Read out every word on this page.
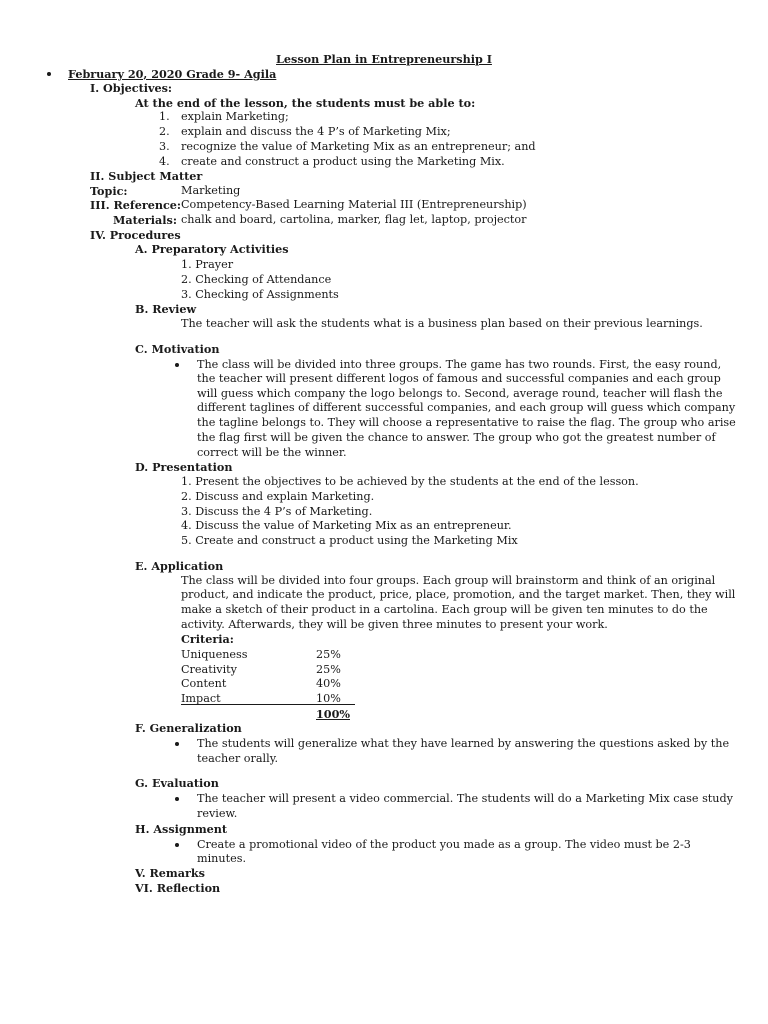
Lesson Plan in Entrepreneurship I
February 20, 2020 Grade 9- Agila
I. Objectives:
At the end of the lesson, the students must be able to:
1. explain Marketing;
2. explain and discuss the 4 P’s of Marketing Mix;
3. recognize the value of Marketing Mix as an entrepreneur; and
4. create and construct a product using the Marketing Mix.
II. Subject Matter
Topic:	Marketing
III. Reference: Competency-Based Learning Material III (Entrepreneurship)
Materials: chalk and board, cartolina, marker, flag let, laptop, projector
IV. Procedures
A. Preparatory Activities
1. Prayer
2. Checking of Attendance
3. Checking of Assignments
B. Review
The teacher will ask the students what is a business plan based on their previous learnings.
C. Motivation
The class will be divided into three groups. The game has two rounds. First, the easy round,
the teacher will present different logos of famous and successful companies and each group
will guess which company the logo belongs to. Second, average round, teacher will flash the
different taglines of different successful companies, and each group will guess which company
the tagline belongs to. They will choose a representative to raise the flag. The group who arise
the flag first will be given the chance to answer. The group who got the greatest number of
correct will be the winner.
D. Presentation
1. Present the objectives to be achieved by the students at the end of the lesson.
2. Discuss and explain Marketing.
3. Discuss the 4 P’s of Marketing.
4. Discuss the value of Marketing Mix as an entrepreneur.
5. Create and construct a product using the Marketing Mix
E. Application
The class will be divided into four groups. Each group will brainstorm and think of an original
product, and indicate the product, price, place, promotion, and the target market. Then, they will
make a sketch of their product in a cartolina. Each group will be given ten minutes to do the
activity. Afterwards, they will be given three minutes to present your work.
Criteria:
Uniqueness	25%
Creativity	25%
Content	40%
Impact	10%
100%
F. Generalization
The students will generalize what they have learned by answering the questions asked by the
teacher orally.
G. Evaluation
The teacher will present a video commercial. The students will do a Marketing Mix case study
review.
H. Assignment
Create a promotional video of the product you made as a group. The video must be 2-3
minutes.
V. Remarks
VI. Reflection
